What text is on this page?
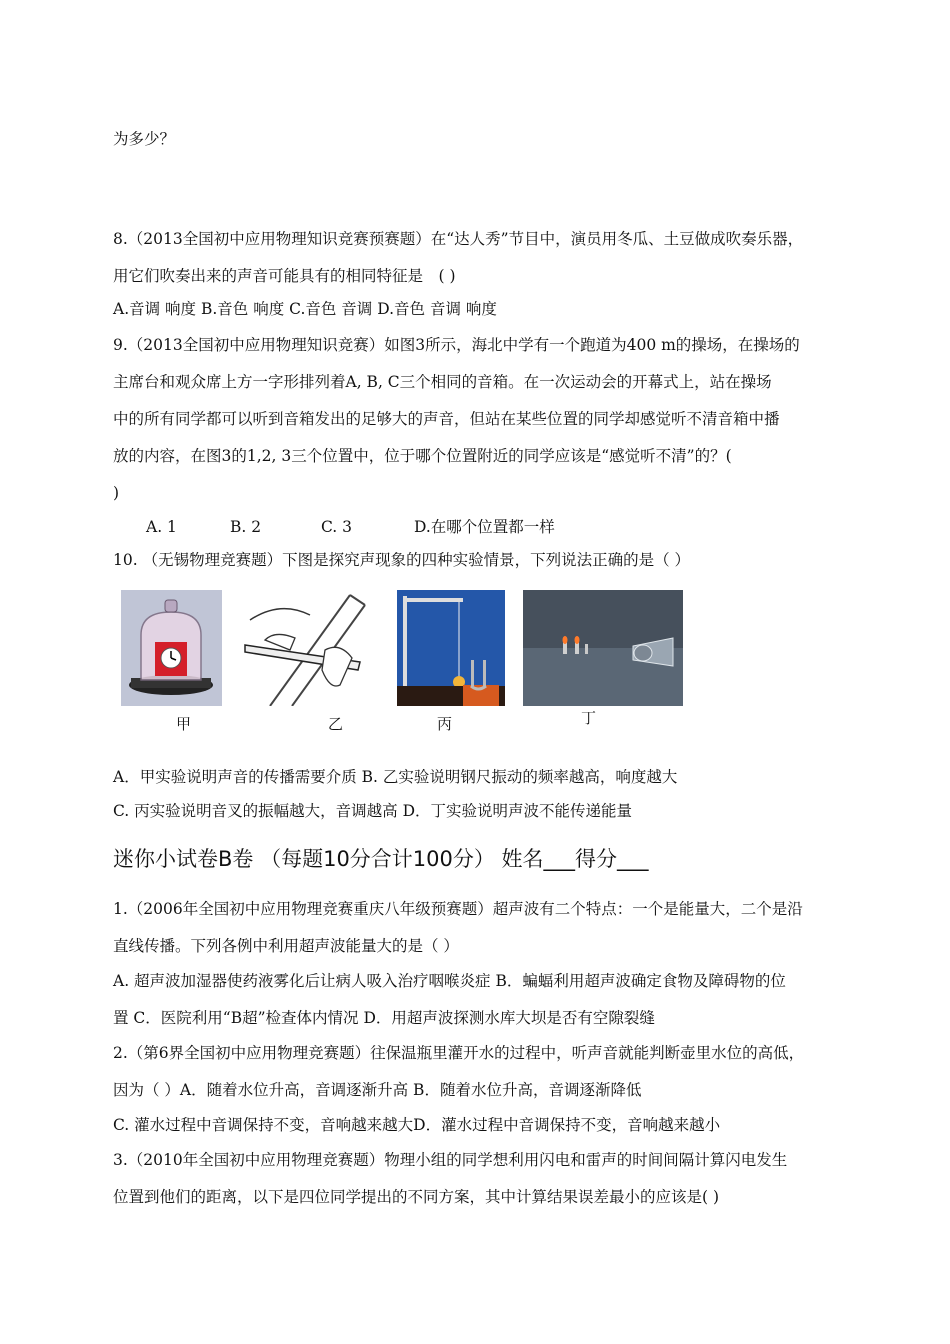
为多少？
8.（2013全国初中应用物理知识竞赛预赛题）在“达人秀”节目中，演员用冬瓜、土豆做成吹奏乐器，
用它们吹奏出来的声音可能具有的相同特征是　( )
A.音调 响度 B.音色 响度 C.音色 音调 D.音色 音调 响度
9.（2013全国初中应用物理知识竞赛）如图3所示，海北中学有一个跑道为400 m的操场，在操场的
主席台和观众席上方一字形排列着A, B, C三个相同的音箱。在一次运动会的开幕式上，站在操场
中的所有同学都可以听到音箱发出的足够大的声音，但站在某些位置的同学却感觉听不清音箱中播
放的内容，在图3的1,2, 3三个位置中，位于哪个位置附近的同学应该是“感觉听不清”的？(
)
A. 1	B. 2	C. 3	D.在哪个位置都一样
10. （无锡物理竞赛题）下图是探究声现象的四种实验情景，下列说法正确的是（ ）
甲	乙	丙	丁
A．甲实验说明声音的传播需要介质 B. 乙实验说明钢尺振动的频率越高，响度越大
C. 丙实验说明音叉的振幅越大，音调越高 D．丁实验说明声波不能传递能量
迷你小试卷B卷 （每题10分合计100分） 姓名___得分___
1.（2006年全国初中应用物理竞赛重庆八年级预赛题）超声波有二个特点：一个是能量大，二个是沿
直线传播。下列各例中利用超声波能量大的是（ ）
A. 超声波加湿器使药液雾化后让病人吸入治疗咽喉炎症 B．蝙蝠利用超声波确定食物及障碍物的位
置 C．医院利用“B超”检查体内情况 D．用超声波探测水库大坝是否有空隙裂缝
2.（第6界全国初中应用物理竞赛题）往保温瓶里灌开水的过程中，听声音就能判断壶里水位的高低，
因为（ ）A．随着水位升高，音调逐渐升高 B．随着水位升高，音调逐渐降低
C. 灌水过程中音调保持不变，音响越来越大D．灌水过程中音调保持不变，音响越来越小
3.（2010年全国初中应用物理竞赛题）物理小组的同学想利用闪电和雷声的时间间隔计算闪电发生
位置到他们的距离，以下是四位同学提出的不同方案，其中计算结果误差最小的应该是( )
